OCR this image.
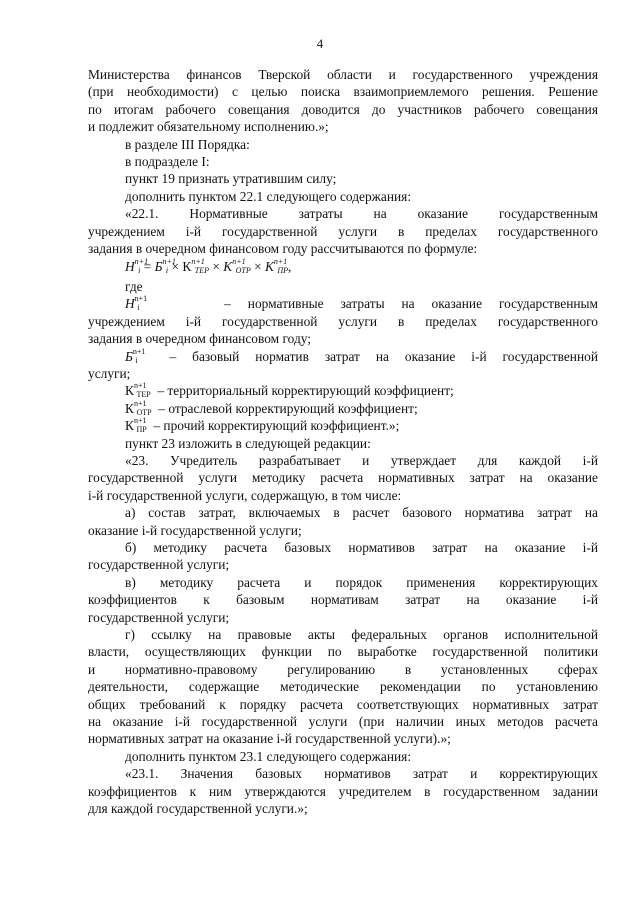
4

Министерства финансов Тверской области и государственного учреждения

(при необходимости) с целью поиска взаимоприемлемого решения. Решение

по итогам рабочего совещания доводится до участников рабочего совещания

и подлежит обязательному исполнению.»;

в разделе III Порядка:

в подразделе I:

пункт 19 признать утратившим силу;

дополнить пунктом 22.1 следующего содержания:

«22.1. Нормативные затраты на оказание государственным

учреждением i-й государственной услуги в пределах государственного

задания в очередном финансовом году рассчитываются по формуле:

$H^{n+1}_i = Б^{n+1}_i \times К^{n+1}_{ТЕР} \times К^{n+1}_{ОТР} \times К^{n+1}_{ПР}$,

где

$H^{n+1}_i$	– нормативные затраты на оказание государственным

учреждением i-й государственной услуги в пределах государственного

задания в очередном финансовом году;

$Б^{n+1}_i$ – базовый норматив затрат на оказание i-й государственной

услуги;

$К^{n+1}_{ТЕР}$ – территориальный корректирующий коэффициент;

$К^{n+1}_{ОТР}$ – отраслевой корректирующий коэффициент;

$К^{n+1}_{ПР}$ – прочий корректирующий коэффициент.»;

пункт 23 изложить в следующей редакции:

«23. Учредитель разрабатывает и утверждает для каждой i-й

государственной услуги методику расчета нормативных затрат на оказание

i-й государственной услуги, содержащую, в том числе:

а) состав затрат, включаемых в расчет базового норматива затрат на

оказание i-й государственной услуги;

б) методику расчета базовых нормативов затрат на оказание i-й

государственной услуги;

в) методику расчета и порядок применения корректирующих

коэффициентов к базовым нормативам затрат на оказание i-й

государственной услуги;

г) ссылку на правовые акты федеральных органов исполнительной

власти, осуществляющих функции по выработке государственной политики

и нормативно-правовому регулированию в установленных сферах

деятельности, содержащие методические рекомендации по установлению

общих требований к порядку расчета соответствующих нормативных затрат

на оказание i-й государственной услуги (при наличии иных методов расчета

нормативных затрат на оказание i-й государственной услуги).»;

дополнить пунктом 23.1 следующего содержания:

«23.1. Значения базовых нормативов затрат и корректирующих

коэффициентов к ним утверждаются учредителем в государственном задании

для каждой государственной услуги.»;
